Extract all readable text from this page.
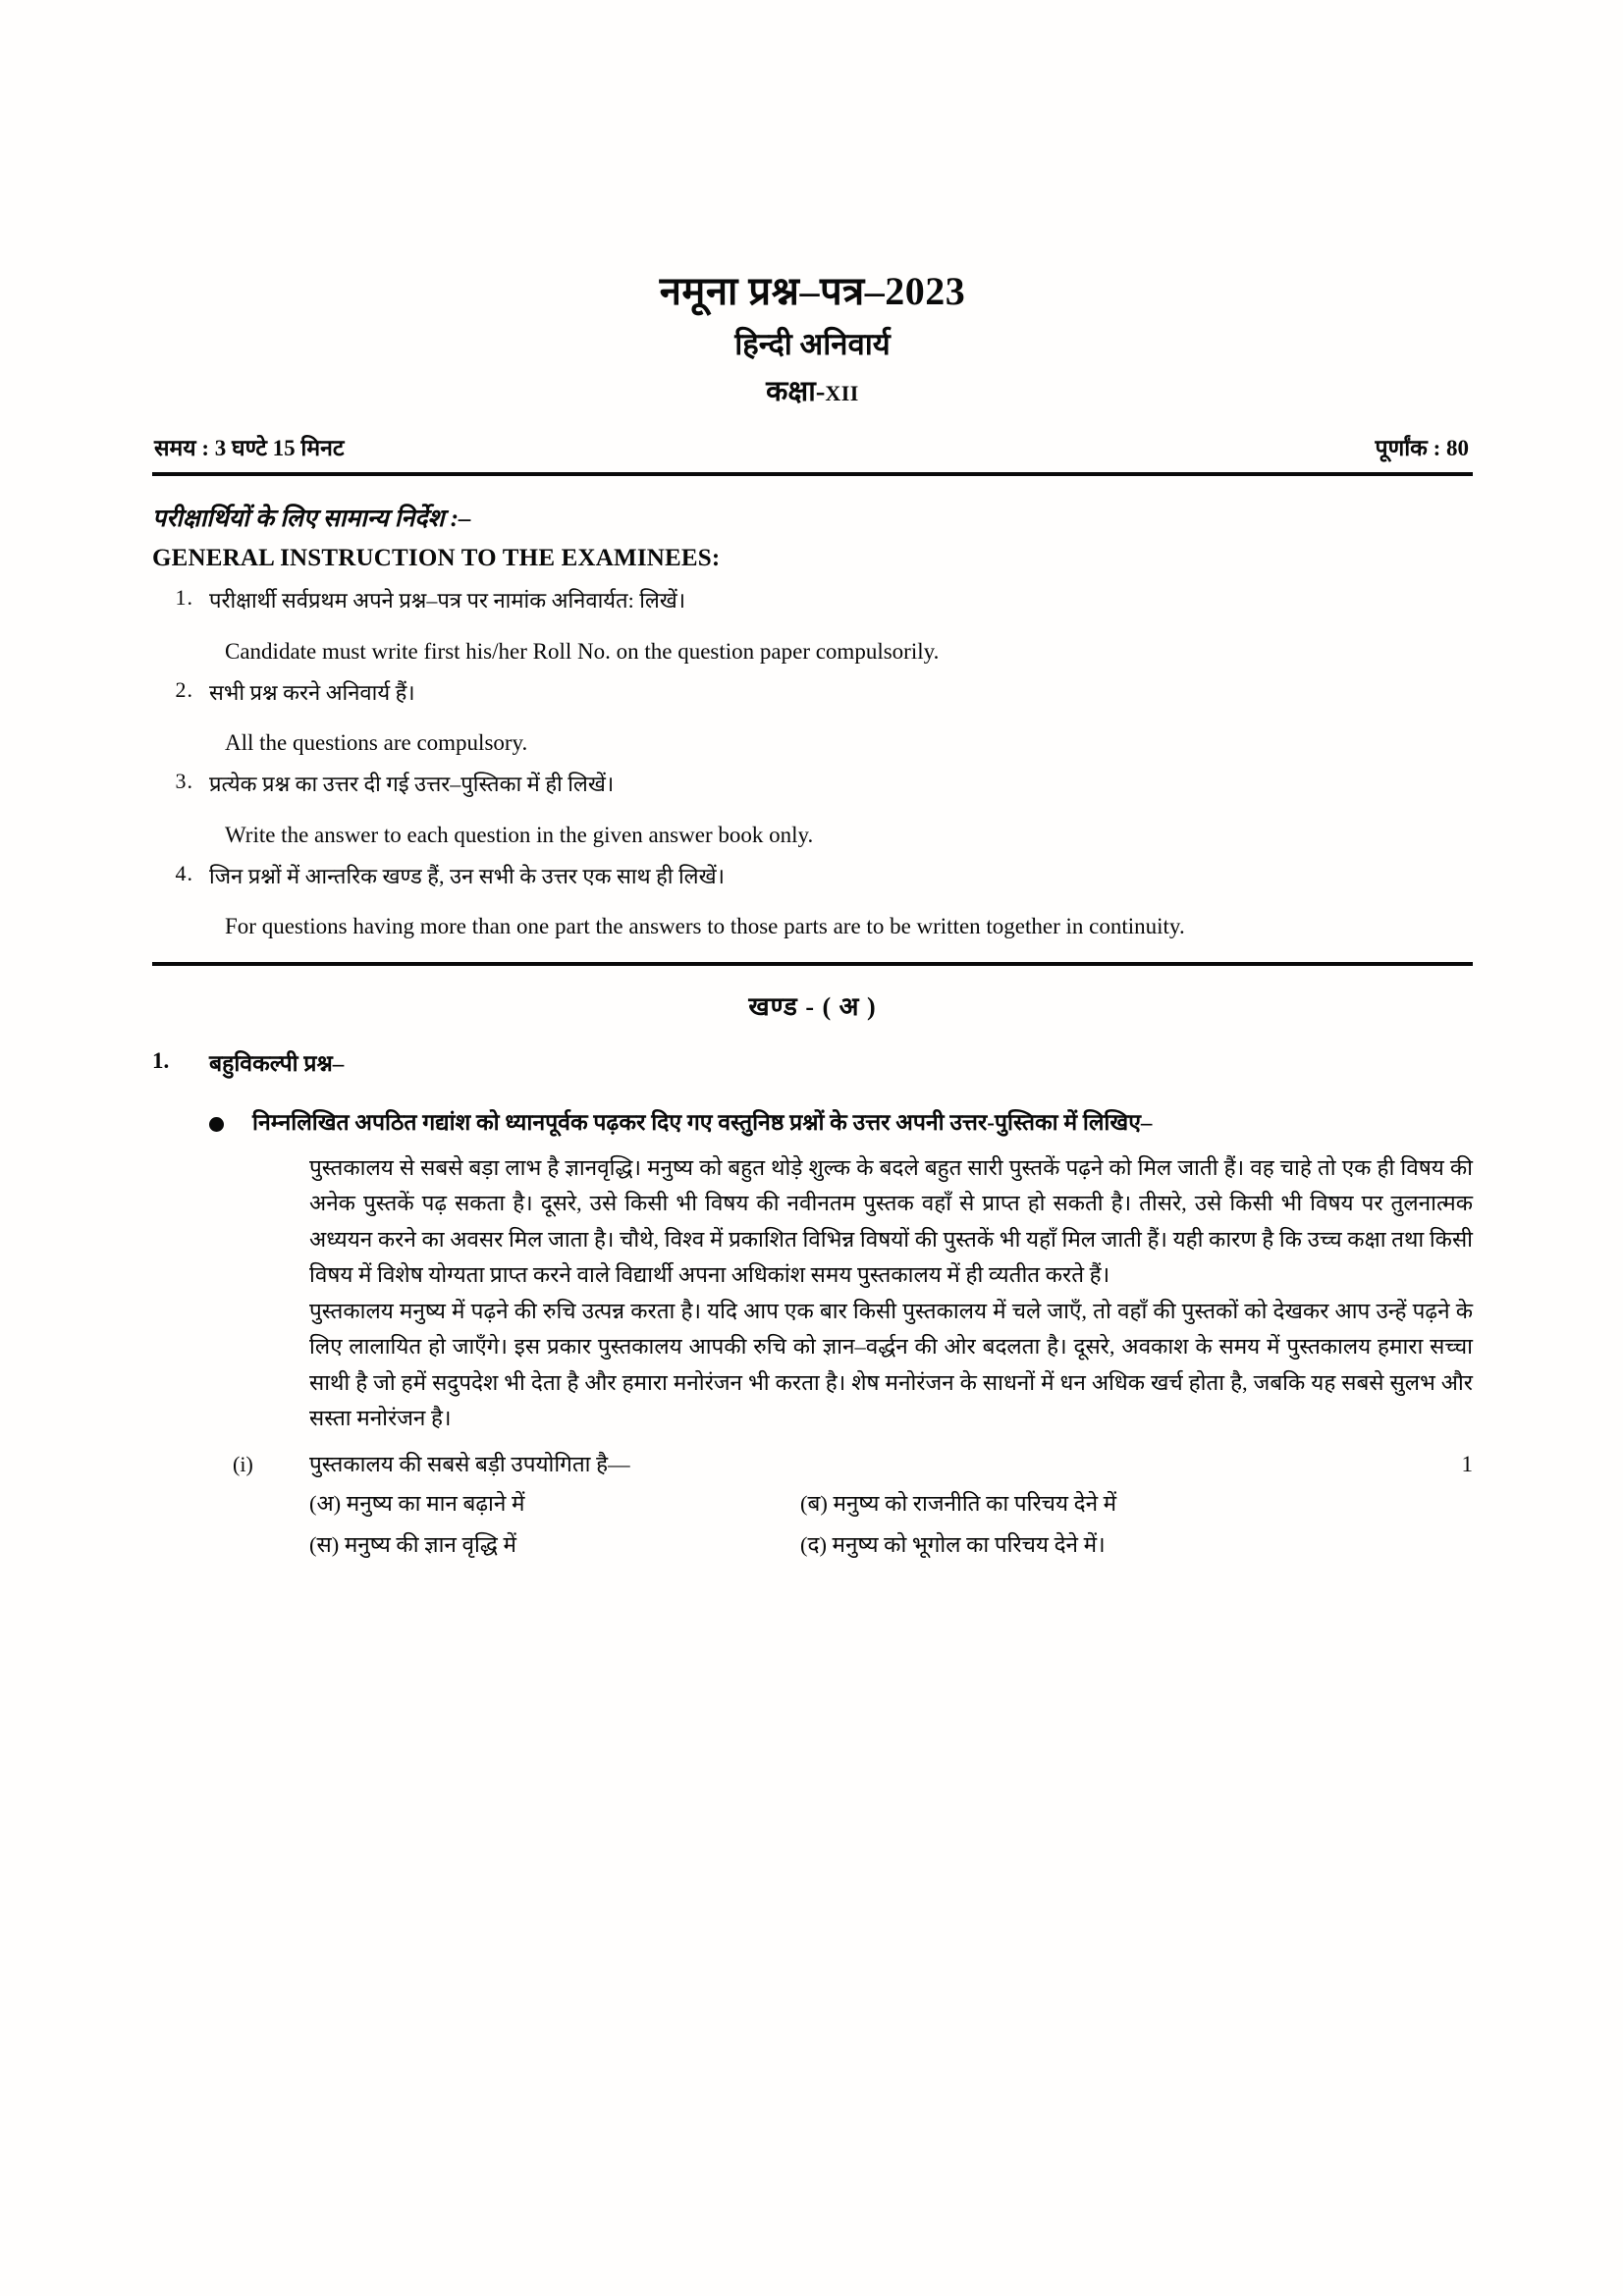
नमूना प्रश्न–पत्र–2023
हिन्दी अनिवार्य
कक्षा-XII
समय : 3 घण्टे 15 मिनट	पूर्णांक : 80
परीक्षार्थियों के लिए सामान्य निर्देश :–
GENERAL INSTRUCTION TO THE EXAMINEES:
1. परीक्षार्थी सर्वप्रथम अपने प्रश्न–पत्र पर नामांक अनिवार्यत: लिखें।
Candidate must write first his/her Roll No. on the question paper compulsorily.
2. सभी प्रश्न करने अनिवार्य हैं।
All the questions are compulsory.
3. प्रत्येक प्रश्न का उत्तर दी गई उत्तर–पुस्तिका में ही लिखें।
Write the answer to each question in the given answer book only.
4. जिन प्रश्नों में आन्तरिक खण्ड हैं, उन सभी के उत्तर एक साथ ही लिखें।
For questions having more than one part the answers to those parts are to be written together in continuity.
खण्ड - ( अ )
1.	बहुविकल्पी प्रश्न–
निम्नलिखित अपठित गद्यांश को ध्यानपूर्वक पढ़कर दिए गए वस्तुनिष्ठ प्रश्नों के उत्तर अपनी उत्तर-पुस्तिका में लिखिए–

पुस्तकालय से सबसे बड़ा लाभ है ज्ञानवृद्धि। मनुष्य को बहुत थोड़े शुल्क के बदले बहुत सारी पुस्तकें पढ़ने को मिल जाती हैं। वह चाहे तो एक ही विषय की अनेक पुस्तकें पढ़ सकता है। दूसरे, उसे किसी भी विषय की नवीनतम पुस्तक वहाँ से प्राप्त हो सकती है। तीसरे, उसे किसी भी विषय पर तुलनात्मक अध्ययन करने का अवसर मिल जाता है। चौथे, विश्व में प्रकाशित विभिन्न विषयों की पुस्तकें भी यहाँ मिल जाती हैं। यही कारण है कि उच्च कक्षा तथा किसी विषय में विशेष योग्यता प्राप्त करने वाले विद्यार्थी अपना अधिकांश समय पुस्तकालय में ही व्यतीत करते हैं।

पुस्तकालय मनुष्य में पढ़ने की रुचि उत्पन्न करता है। यदि आप एक बार किसी पुस्तकालय में चले जाएँ, तो वहाँ की पुस्तकों को देखकर आप उन्हें पढ़ने के लिए लालायित हो जाएँगे। इस प्रकार पुस्तकालय आपकी रुचि को ज्ञान–वर्द्धन की ओर बदलता है। दूसरे, अवकाश के समय में पुस्तकालय हमारा सच्चा साथी है जो हमें सदुपदेश भी देता है और हमारा मनोरंजन भी करता है। शेष मनोरंजन के साधनों में धन अधिक खर्च होता है, जबकि यह सबसे सुलभ और सस्ता मनोरंजन है।

(i)	पुस्तकालय की सबसे बड़ी उपयोगिता है—	1
(अ) मनुष्य का मान बढ़ाने में	(ब) मनुष्य को राजनीति का परिचय देने में
(स) मनुष्य की ज्ञान वृद्धि में	(द) मनुष्य को भूगोल का परिचय देने में।
